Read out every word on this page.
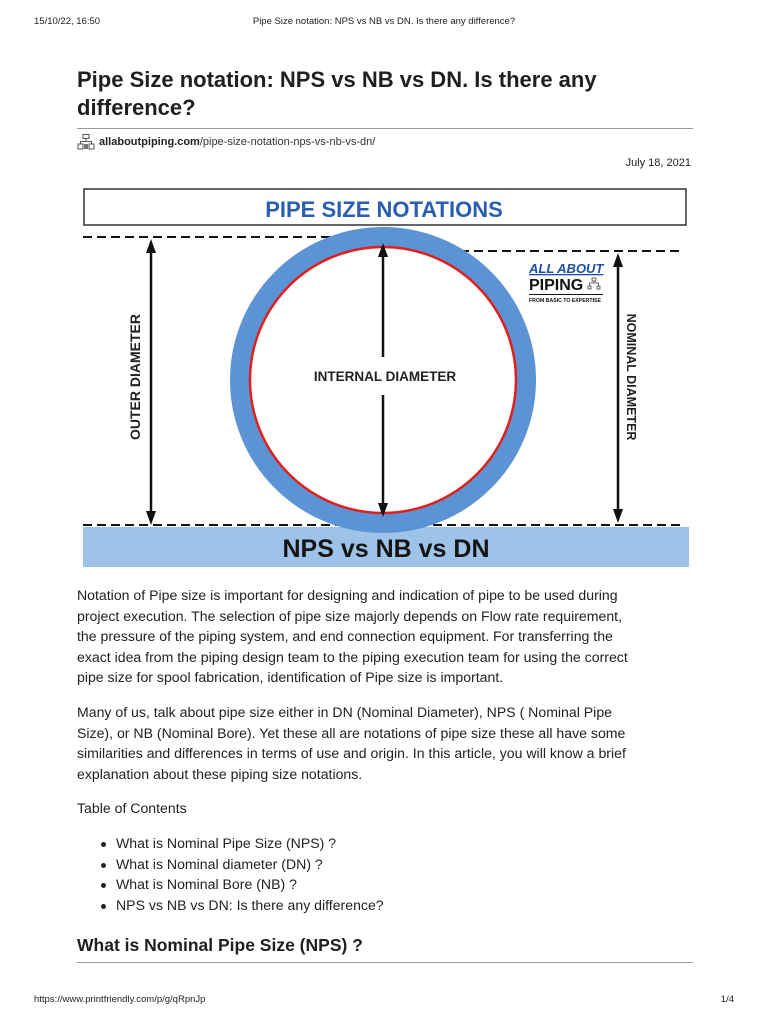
15/10/22, 16:50	Pipe Size notation: NPS vs NB vs DN. Is there any difference?
Pipe Size notation: NPS vs NB vs DN. Is there any difference?
allaboutpiping.com /pipe-size-notation-nps-vs-nb-vs-dn/
July 18, 2021
PIPE SIZE NOTATIONS
NPS vs NB vs DN
INTERNAL DIAMETER
OUTER DIAMETER	NOMINAL DIAMETER
ALL ABOUT
PIPING
FROM BASIC TO EXPERTISE

Notation of Pipe size is important for designing and indication of pipe to be used during
project execution. The selection of pipe size majorly depends on Flow rate requirement,
the pressure of the piping system, and end connection equipment. For transferring the
exact idea from the piping design team to the piping execution team for using the correct
pipe size for spool fabrication, identification of Pipe size is important.

Many of us, talk about pipe size either in DN (Nominal Diameter), NPS ( Nominal Pipe
Size), or NB (Nominal Bore). Yet these all are notations of pipe size these all have some
similarities and differences in terms of use and origin. In this article, you will know a brief
explanation about these piping size notations.

Table of Contents
What is Nominal Pipe Size (NPS) ?
What is Nominal diameter (DN) ?
What is Nominal Bore (NB) ?
NPS vs NB vs DN: Is there any difference?
What is Nominal Pipe Size (NPS) ?
https://www.printfriendly.com/p/g/qRpnJp	1/4
